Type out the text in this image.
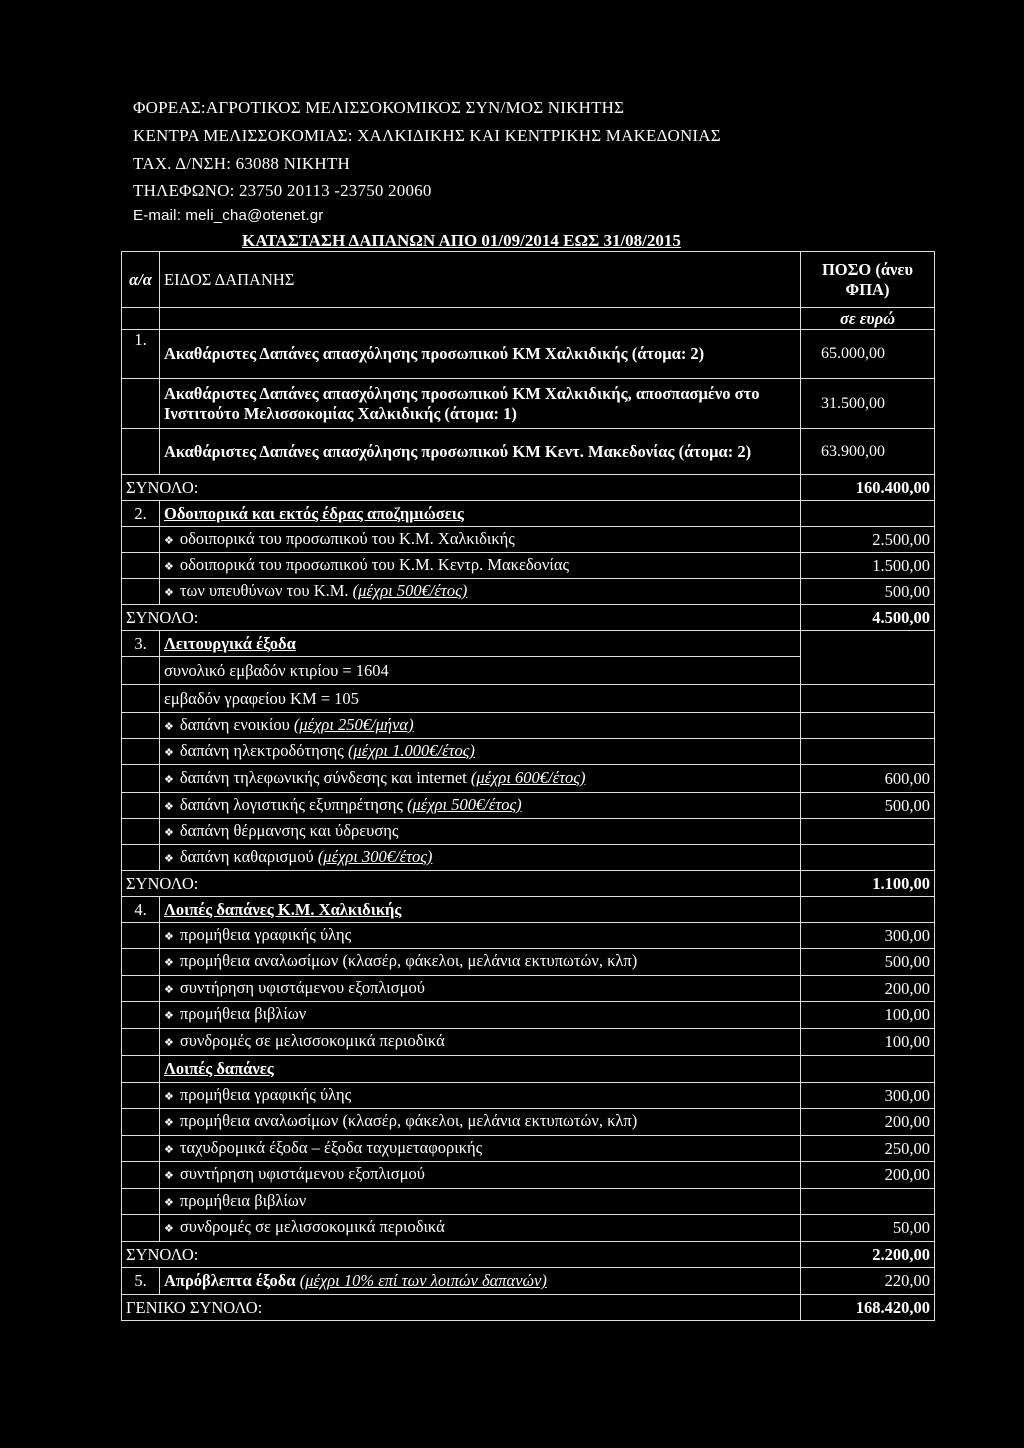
ΦΟΡΕΑΣ:ΑΓΡΟΤΙΚΟΣ ΜΕΛΙΣΣΟΚΟΜΙΚΟΣ ΣΥΝ/ΜΟΣ ΝΙΚΗΤΗΣ
ΚΕΝΤΡΑ ΜΕΛΙΣΣΟΚΟΜΙΑΣ: ΧΑΛΚΙΔΙΚΗΣ ΚΑΙ ΚΕΝΤΡΙΚΗΣ ΜΑΚΕΔΟΝΙΑΣ
ΤΑΧ. Δ/ΝΣΗ: 63088 ΝΙΚΗΤΗ
ΤΗΛΕΦΩΝΟ: 23750 20113 -23750 20060
E-mail: meli_cha@otenet.gr
ΚΑΤΑΣΤΑΣΗ ΔΑΠΑΝΩΝ ΑΠΟ 01/09/2014 ΕΩΣ 31/08/2015
α/α	ΕΙΔΟΣ ΔΑΠΑΝΗΣ	ΠΟΣΟ (άνευ ΦΠΑ)
		σε ευρώ
1.	Ακαθάριστες Δαπάνες απασχόλησης προσωπικού ΚΜ Χαλκιδικής (άτομα: 2)	65.000,00
	Ακαθάριστες Δαπάνες απασχόλησης προσωπικού ΚΜ Χαλκιδικής, αποσπασμένο στο Ινστιτούτο Μελισσοκομίας Χαλκιδικής (άτομα: 1)	31.500,00
	Ακαθάριστες Δαπάνες απασχόλησης προσωπικού ΚΜ Κεντ. Μακεδονίας (άτομα: 2)	63.900,00
ΣΥΝΟΛΟ:		160.400,00
2.	Οδοιπορικά και εκτός έδρας αποζημιώσεις	
	❖ οδοιπορικά του προσωπικού του Κ.Μ. Χαλκιδικής	2.500,00
	❖ οδοιπορικά του προσωπικού του Κ.Μ. Κεντρ. Μακεδονίας	1.500,00
	❖ των υπευθύνων του Κ.Μ. (μέχρι 500€/έτος)	500,00
ΣΥΝΟΛΟ:		4.500,00
3.	Λειτουργικά έξοδα	
	συνολικό εμβαδόν κτιρίου = 1604	
	εμβαδόν γραφείου ΚΜ = 105	
	❖ δαπάνη ενοικίου (μέχρι 250€/μήνα)	
	❖ δαπάνη ηλεκτροδότησης (μέχρι 1.000€/έτος)	
	❖ δαπάνη τηλεφωνικής σύνδεσης και internet (μέχρι 600€/έτος)	600,00
	❖ δαπάνη λογιστικής εξυπηρέτησης (μέχρι 500€/έτος)	500,00
	❖ δαπάνη θέρμανσης και ύδρευσης	
	❖ δαπάνη καθαρισμού (μέχρι 300€/έτος)	
ΣΥΝΟΛΟ:		1.100,00
4.	Λοιπές δαπάνες Κ.Μ. Χαλκιδικής	
	❖ προμήθεια γραφικής ύλης	300,00
	❖ προμήθεια αναλωσίμων (κλασέρ, φάκελοι, μελάνια εκτυπωτών, κλπ)	500,00
	❖ συντήρηση υφιστάμενου εξοπλισμού	200,00
	❖ προμήθεια βιβλίων	100,00
	❖ συνδρομές σε μελισσοκομικά περιοδικά	100,00
	Λοιπές δαπάνες	
	❖ προμήθεια γραφικής ύλης	300,00
	❖ προμήθεια αναλωσίμων (κλασέρ, φάκελοι, μελάνια εκτυπωτών, κλπ)	200,00
	❖ ταχυδρομικά έξοδα – έξοδα ταχυμεταφορικής	250,00
	❖ συντήρηση υφιστάμενου εξοπλισμού	200,00
	❖ προμήθεια βιβλίων	
	❖ συνδρομές σε μελισσοκομικά περιοδικά	50,00
ΣΥΝΟΛΟ:		2.200,00
5.	Απρόβλεπτα έξοδα (μέχρι 10% επί των λοιπών δαπανών)	220,00
ΓΕΝΙΚΟ ΣΥΝΟΛΟ:		168.420,00
